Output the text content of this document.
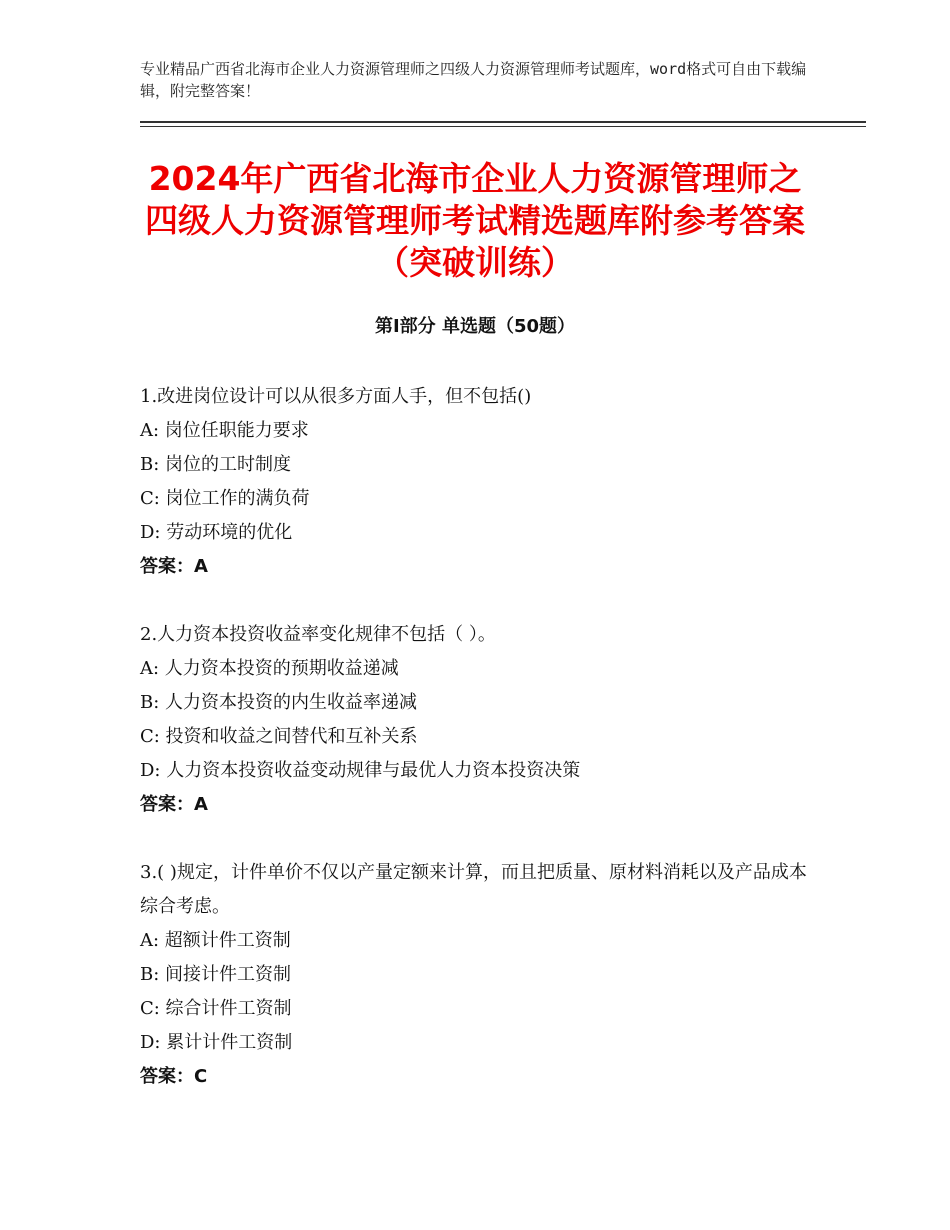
专业精品广西省北海市企业人力资源管理师之四级人力资源管理师考试题库，word格式可自由下载编辑，附完整答案！

2024年广西省北海市企业人力资源管理师之四级人力资源管理师考试精选题库附参考答案（突破训练）
第Ⅰ部分 单选题（50题）

1.改进岗位设计可以从很多方面人手，但不包括()

A: 岗位任职能力要求

B: 岗位的工时制度

C: 岗位工作的满负荷

D: 劳动环境的优化

答案：A

2.人力资本投资收益率变化规律不包括（ ）。

A: 人力资本投资的预期收益递减

B: 人力资本投资的内生收益率递减

C: 投资和收益之间替代和互补关系

D: 人力资本投资收益变动规律与最优人力资本投资决策

答案：A

3.( )规定，计件单价不仅以产量定额来计算，而且把质量、原材料消耗以及产品成本综合考虑。

A: 超额计件工资制

B: 间接计件工资制

C: 综合计件工资制

D: 累计计件工资制

答案：C
